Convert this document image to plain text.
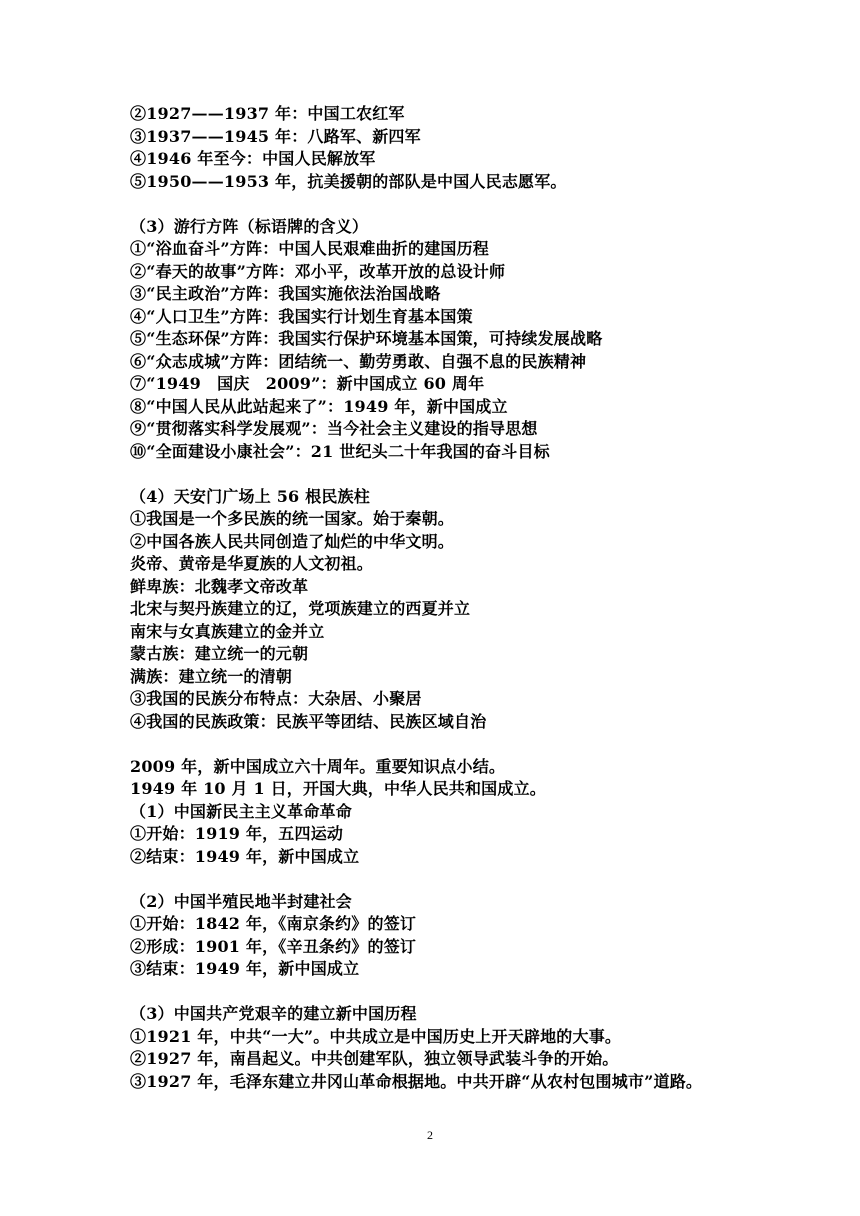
②1927——1937 年：中国工农红军
③1937——1945 年：八路军、新四军
④1946 年至今：中国人民解放军
⑤1950——1953 年，抗美援朝的部队是中国人民志愿军。
（3）游行方阵（标语牌的含义）
①“浴血奋斗”方阵：中国人民艰难曲折的建国历程
②“春天的故事”方阵：邓小平，改革开放的总设计师
③“民主政治”方阵：我国实施依法治国战略
④“人口卫生”方阵：我国实行计划生育基本国策
⑤“生态环保”方阵：我国实行保护环境基本国策，可持续发展战略
⑥“众志成城”方阵：团结统一、勤劳勇敢、自强不息的民族精神
⑦“1949　国庆　2009”：新中国成立 60 周年
⑧“中国人民从此站起来了”：1949 年，新中国成立
⑨“贯彻落实科学发展观”：当今社会主义建设的指导思想
⑩“全面建设小康社会”：21 世纪头二十年我国的奋斗目标
（4）天安门广场上 56 根民族柱
①我国是一个多民族的统一国家。始于秦朝。
②中国各族人民共同创造了灿烂的中华文明。
炎帝、黄帝是华夏族的人文初祖。
鲜卑族：北魏孝文帝改革
北宋与契丹族建立的辽，党项族建立的西夏并立
南宋与女真族建立的金并立
蒙古族：建立统一的元朝
满族：建立统一的清朝
③我国的民族分布特点：大杂居、小聚居
④我国的民族政策：民族平等团结、民族区域自治
2009 年，新中国成立六十周年。重要知识点小结。
1949 年 10 月 1 日，开国大典，中华人民共和国成立。
（1）中国新民主主义革命革命
①开始：1919 年，五四运动
②结束：1949 年，新中国成立
（2）中国半殖民地半封建社会
①开始：1842 年，《南京条约》的签订
②形成：1901 年，《辛丑条约》的签订
③结束：1949 年，新中国成立
（3）中国共产党艰辛的建立新中国历程
①1921 年，中共“一大”。中共成立是中国历史上开天辟地的大事。
②1927 年，南昌起义。中共创建军队，独立领导武装斗争的开始。
③1927 年，毛泽东建立井冈山革命根据地。中共开辟“从农村包围城市”道路。
2
